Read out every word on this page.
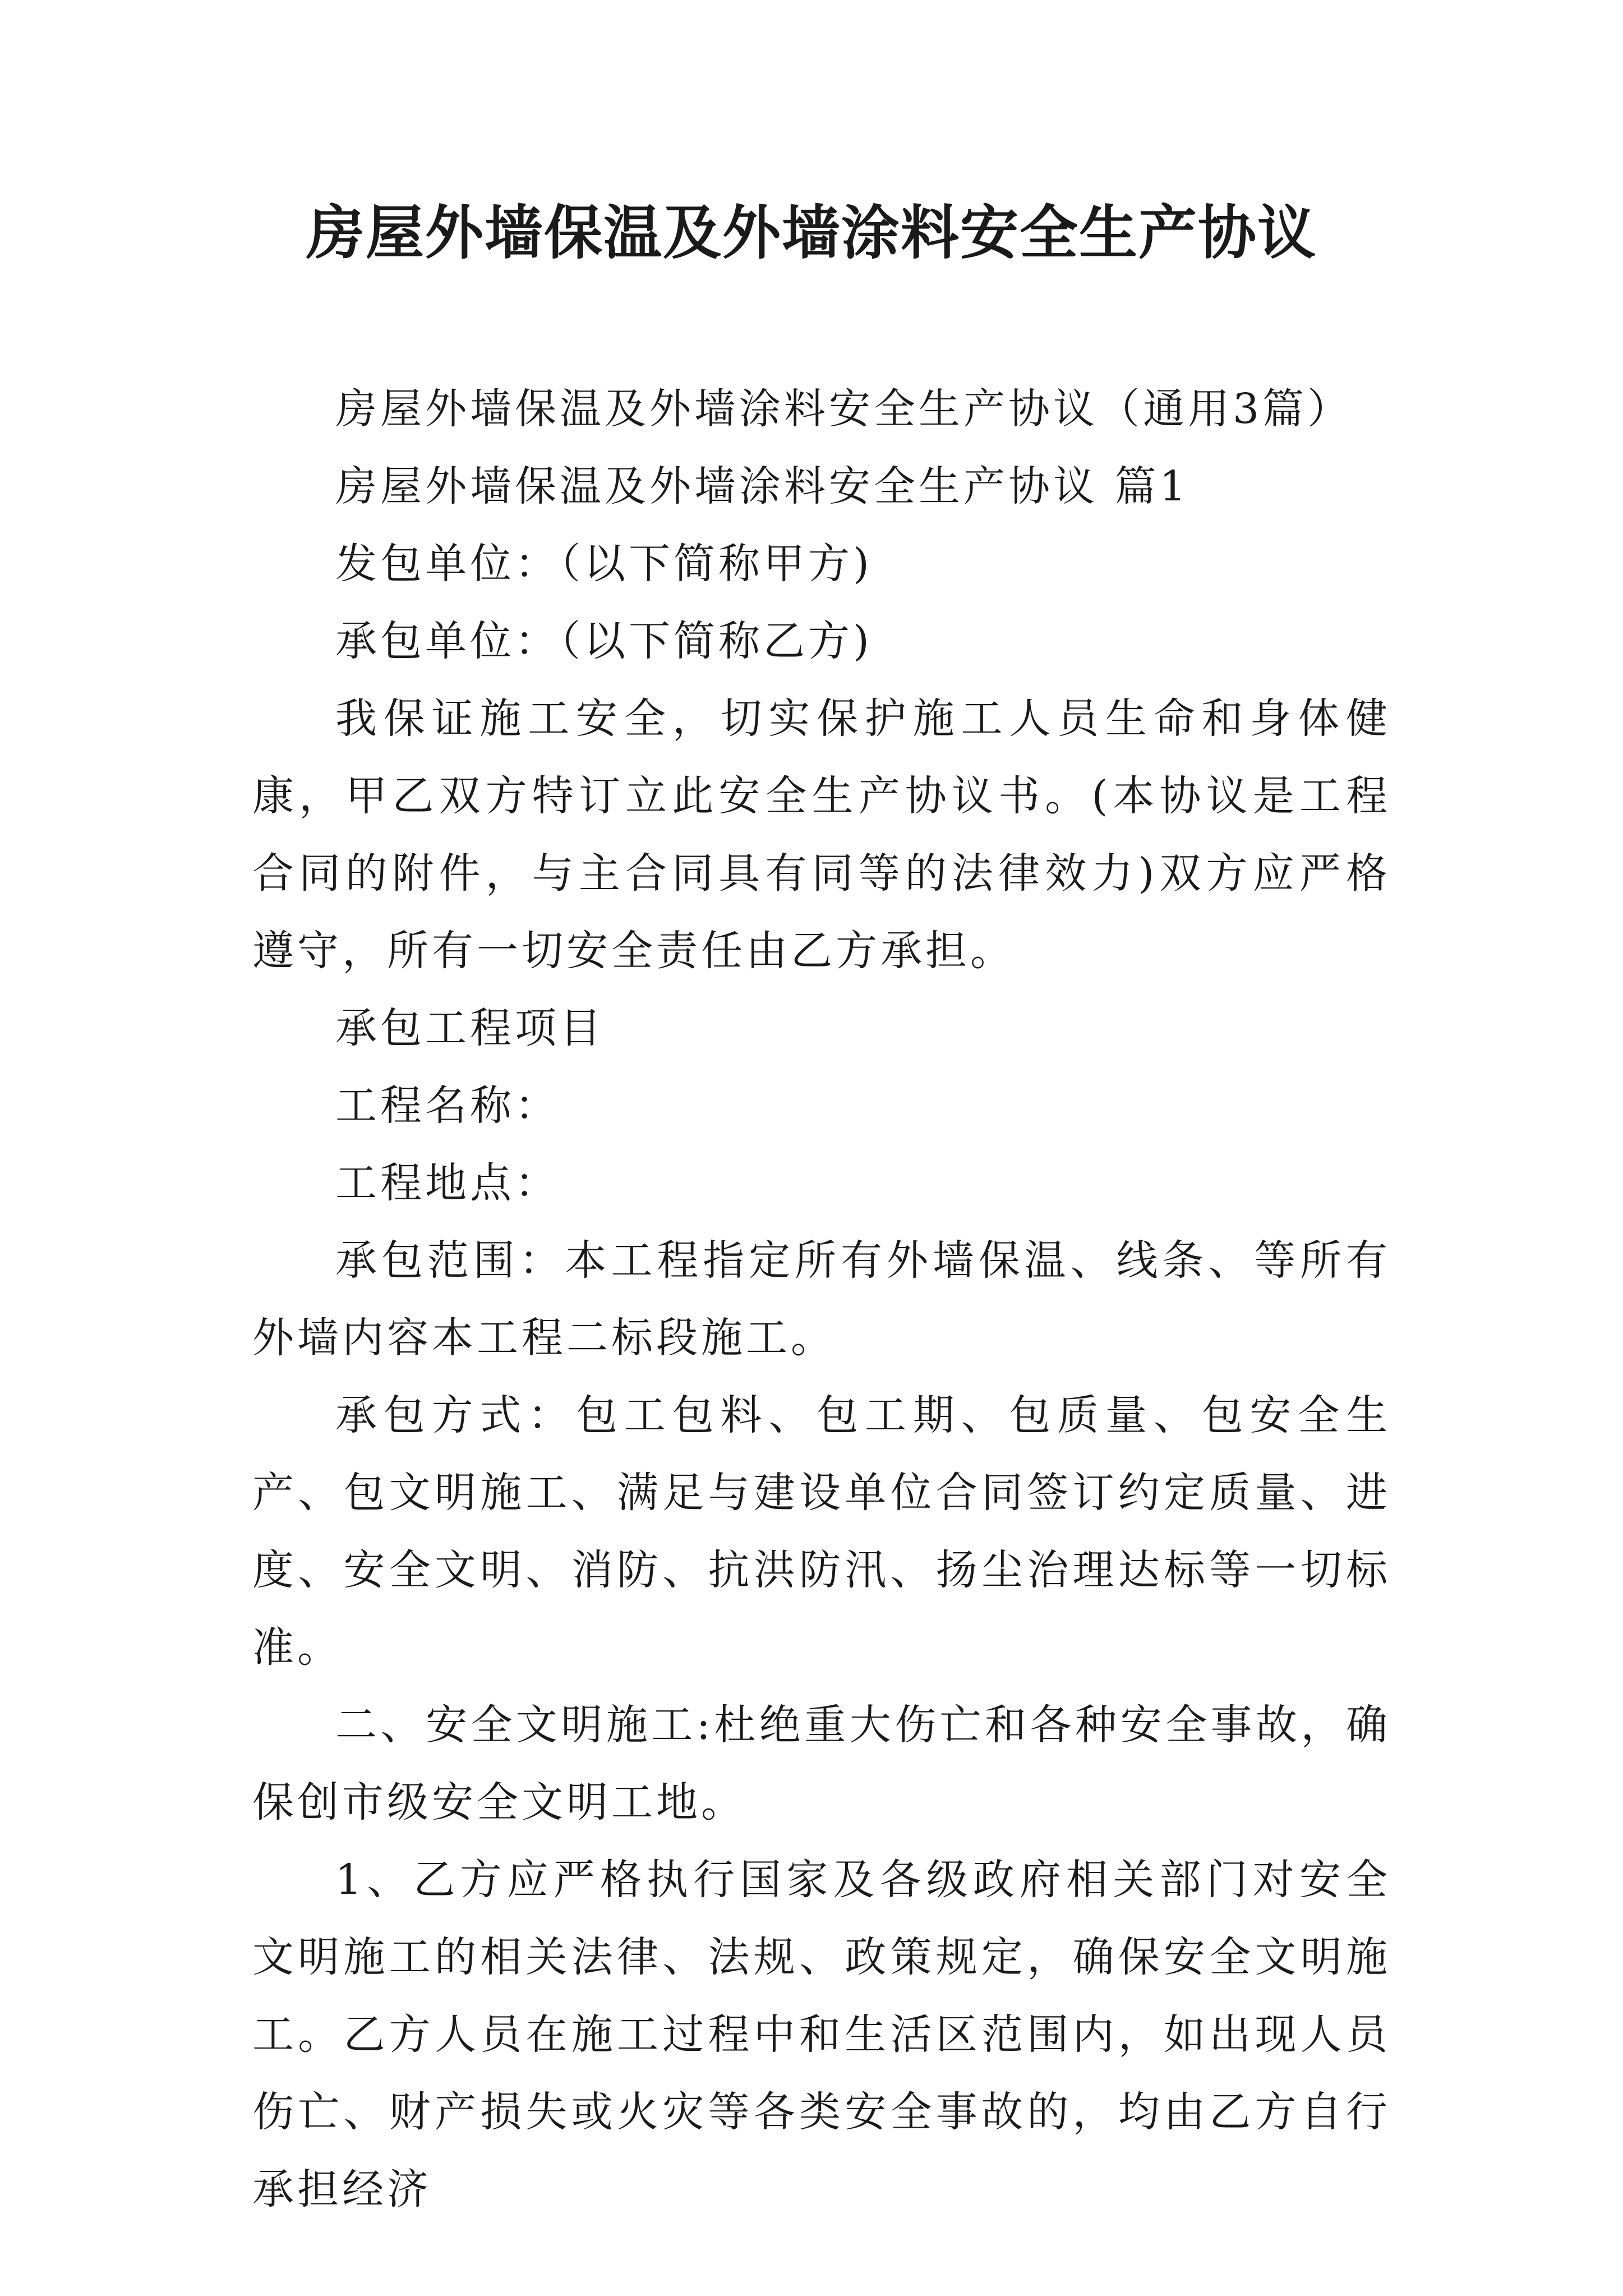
房屋外墙保温及外墙涂料安全生产协议

房屋外墙保温及外墙涂料安全生产协议（通用3篇）

房屋外墙保温及外墙涂料安全生产协议 篇1

发包单位：（以下简称甲方)

承包单位：（以下简称乙方)

我保证施工安全，切实保护施工人员生命和身体健康，甲乙双方特订立此安全生产协议书。(本协议是工程合同的附件，与主合同具有同等的法律效力)双方应严格遵守，所有一切安全责任由乙方承担。

承包工程项目

工程名称：

工程地点：

承包范围：本工程指定所有外墙保温、线条、等所有外墙内容本工程二标段施工。

承包方式：包工包料、包工期、包质量、包安全生产、包文明施工、满足与建设单位合同签订约定质量、进度、安全文明、消防、抗洪防汛、扬尘治理达标等一切标准。

二、安全文明施工:杜绝重大伤亡和各种安全事故，确保创市级安全文明工地。

1、乙方应严格执行国家及各级政府相关部门对安全文明施工的相关法律、法规、政策规定，确保安全文明施工。乙方人员在施工过程中和生活区范围内，如出现人员伤亡、财产损失或火灾等各类安全事故的，均由乙方自行承担经济
